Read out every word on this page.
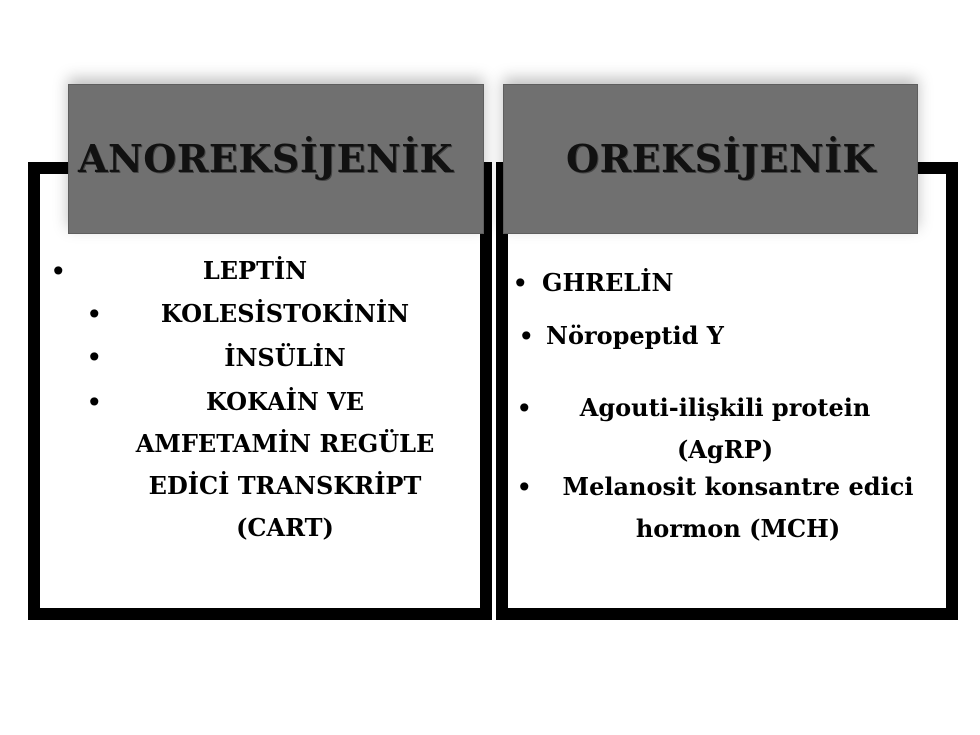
ANOREKSİJENİK	OREKSİJENİK
•	LEPTİN
•	KOLESİSTOKİNİN
•	İNSÜLİN
•	KOKAİN VE
AMFETAMİN REGÜLE
EDİCİ TRANSKRİPT
(CART)
• GHRELİN
• Nöropeptid Y
•	Agouti-ilişkili protein
(AgRP)
•	Melanosit konsantre edici
hormon (MCH)
